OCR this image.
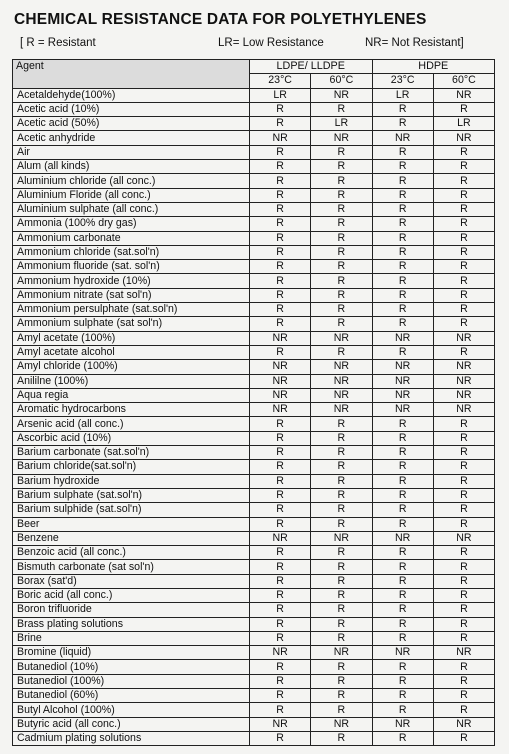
CHEMICAL RESISTANCE DATA FOR POLYETHYLENES
[ R = Resistant	LR= Low Resistance	NR= Not Resistant]
Agent	LDPE/ LLDPE		HDPE	
	23°C	60°C	23°C	60°C
Acetaldehyde(100%)	LR	NR	LR	NR
Acetic acid (10%)	R	R	R	R
Acetic acid (50%)	R	LR	R	LR
Acetic anhydride	NR	NR	NR	NR
Air	R	R	R	R
Alum (all kinds)	R	R	R	R
Aluminium chloride (all conc.)	R	R	R	R
Aluminium Floride (all conc.)	R	R	R	R
Aluminium sulphate (all conc.)	R	R	R	R
Ammonia (100% dry gas)	R	R	R	R
Ammonium carbonate	R	R	R	R
Ammonium chloride (sat.sol'n)	R	R	R	R
Ammonium fluoride (sat. sol'n)	R	R	R	R
Ammonium hydroxide (10%)	R	R	R	R
Ammonium nitrate (sat sol'n)	R	R	R	R
Ammonium persulphate (sat.sol'n)	R	R	R	R
Ammonium sulphate (sat sol'n)	R	R	R	R
Amyl acetate (100%)	NR	NR	NR	NR
Amyl acetate alcohol	R	R	R	R
Amyl chloride (100%)	NR	NR	NR	NR
Anililne (100%)	NR	NR	NR	NR
Aqua regia	NR	NR	NR	NR
Aromatic hydrocarbons	NR	NR	NR	NR
Arsenic acid (all conc.)	R	R	R	R
Ascorbic acid (10%)	R	R	R	R
Barium carbonate (sat.sol'n)	R	R	R	R
Barium chloride(sat.sol'n)	R	R	R	R
Barium hydroxide	R	R	R	R
Barium sulphate (sat.sol'n)	R	R	R	R
Barium sulphide (sat.sol'n)	R	R	R	R
Beer	R	R	R	R
Benzene	NR	NR	NR	NR
Benzoic acid (all conc.)	R	R	R	R
Bismuth carbonate (sat sol'n)	R	R	R	R
Borax (sat'd)	R	R	R	R
Boric acid (all conc.)	R	R	R	R
Boron trifluoride	R	R	R	R
Brass plating solutions	R	R	R	R
Brine	R	R	R	R
Bromine (liquid)	NR	NR	NR	NR
Butanediol (10%)	R	R	R	R
Butanediol (100%)	R	R	R	R
Butanediol (60%)	R	R	R	R
Butyl Alcohol (100%)	R	R	R	R
Butyric acid (all conc.)	NR	NR	NR	NR
Cadmium plating solutions	R	R	R	R
